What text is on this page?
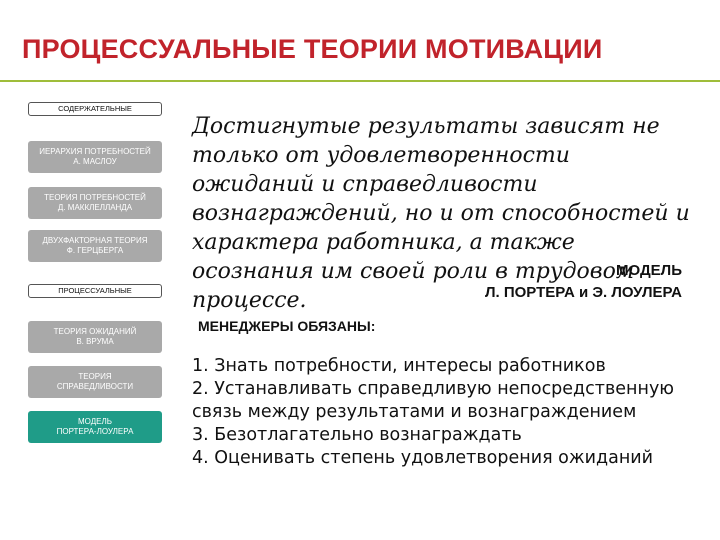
ПРОЦЕССУАЛЬНЫЕ ТЕОРИИ МОТИВАЦИИ
СОДЕРЖАТЕЛЬНЫЕ
ИЕРАРХИЯ ПОТРЕБНОСТЕЙ
А. МАСЛОУ
ТЕОРИЯ ПОТРЕБНОСТЕЙ
Д. МАККЛЕЛЛАНДА
ДВУХФАКТОРНАЯ ТЕОРИЯ
Ф. ГЕРЦБЕРГА
ПРОЦЕССУАЛЬНЫЕ
ТЕОРИЯ ОЖИДАНИЙ
В. ВРУМА
ТЕОРИЯ
СПРАВЕДЛИВОСТИ
МОДЕЛЬ
ПОРТЕРА-ЛОУЛЕРА
Достигнутые результаты зависят не только от удовлетворенности ожиданий и справедливости вознаграждений, но и от способностей и характера работника, а также осознания им своей роли в трудовом процессе.
МОДЕЛЬ
Л. ПОРТЕРА и Э. ЛОУЛЕРА
МЕНЕДЖЕРЫ ОБЯЗАНЫ:
1. Знать потребности, интересы работников
2. Устанавливать справедливую непосредственную связь между результатами и вознаграждением
3. Безотлагательно вознаграждать
4. Оценивать степень удовлетворения ожиданий
